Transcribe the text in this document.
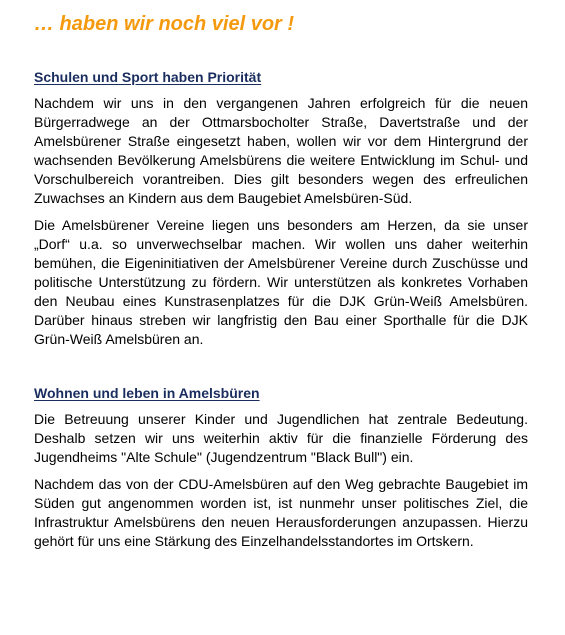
… haben wir noch viel vor !
Schulen und Sport haben Priorität

Nachdem wir uns in den vergangenen Jahren erfolgreich für die neuen Bürgerradwege an der Ottmarsbocholter Straße, Davertstraße und der Amelsbürener Straße eingesetzt haben, wollen wir vor dem Hintergrund der wachsenden Bevölkerung Amelsbürens die weitere Entwicklung im Schul- und Vorschulbereich vorantreiben. Dies gilt besonders wegen des erfreulichen Zuwachses an Kindern aus dem Baugebiet Amelsbüren-Süd.

Die Amelsbürener Vereine liegen uns besonders am Herzen, da sie unser „Dorf“ u.a. so unverwechselbar machen. Wir wollen uns daher weiterhin bemühen, die Eigeninitiativen der Amelsbürener Vereine durch Zuschüsse und politische Unterstützung zu fördern. Wir unterstützen als konkretes Vorhaben den Neubau eines Kunstrasenplatzes für die DJK Grün-Weiß Amelsbüren. Darüber hinaus streben wir langfristig den Bau einer Sporthalle für die DJK Grün-Weiß Amelsbüren an.

Wohnen und leben in Amelsbüren

Die Betreuung unserer Kinder und Jugendlichen hat zentrale Bedeutung. Deshalb setzen wir uns weiterhin aktiv für die finanzielle Förderung des Jugendheims "Alte Schule" (Jugendzentrum "Black Bull") ein.

Nachdem das von der CDU-Amelsbüren auf den Weg gebrachte Baugebiet im Süden gut angenommen worden ist, ist nunmehr unser politisches Ziel, die Infrastruktur Amelsbürens den neuen Herausforderungen anzupassen. Hierzu gehört für uns eine Stärkung des Einzelhandelsstandortes im Ortskern.
